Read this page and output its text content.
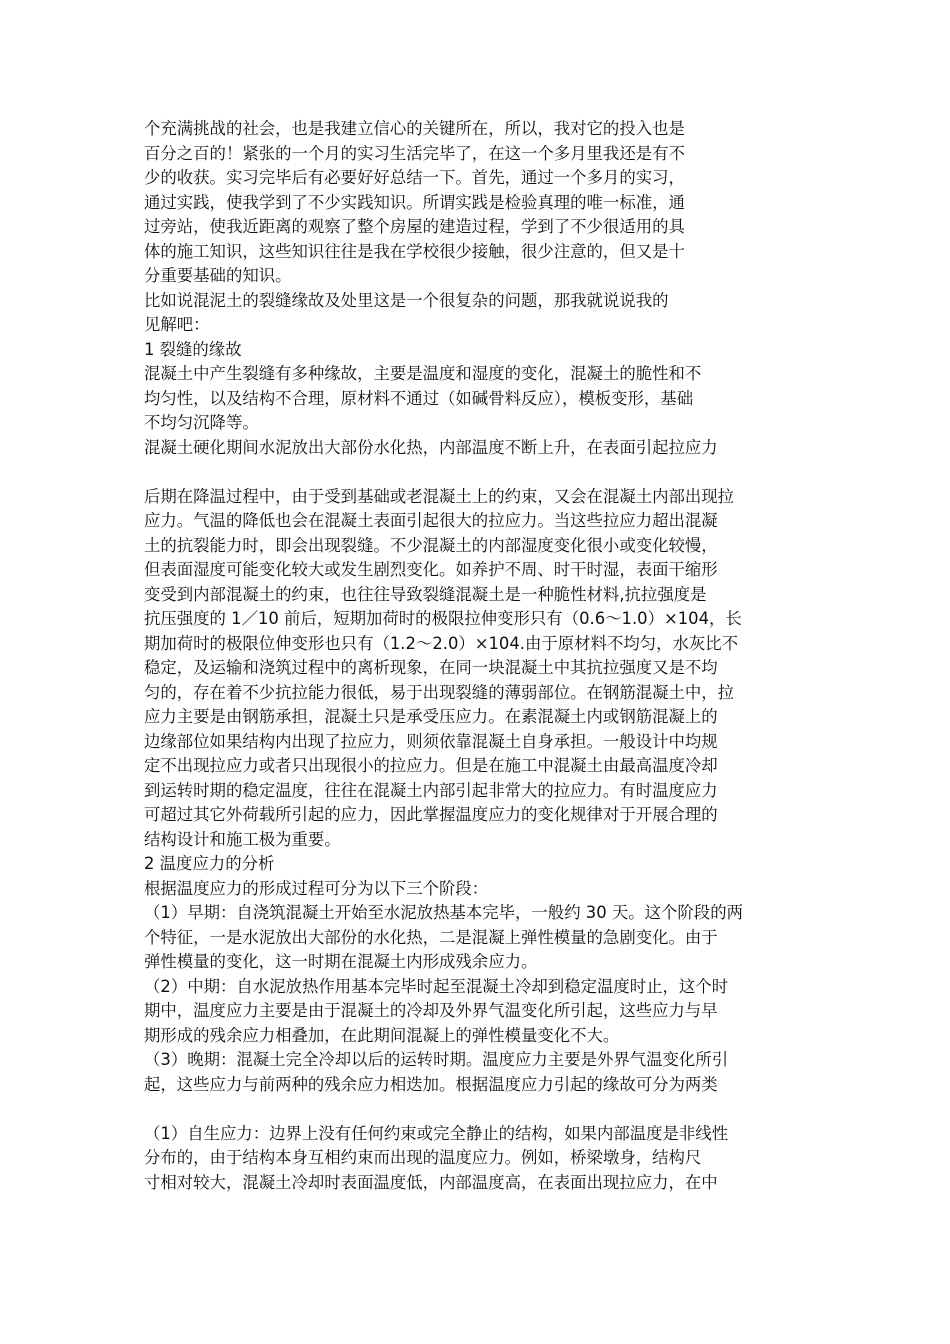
个充满挑战的社会，也是我建立信心的关键所在，所以，我对它的投入也是
百分之百的！紧张的一个月的实习生活完毕了，在这一个多月里我还是有不
少的收获。实习完毕后有必要好好总结一下。首先，通过一个多月的实习，
通过实践，使我学到了不少实践知识。所谓实践是检验真理的唯一标准，通
过旁站，使我近距离的观察了整个房屋的建造过程，学到了不少很适用的具
体的施工知识，这些知识往往是我在学校很少接触，很少注意的，但又是十
分重要基础的知识。
比如说混泥土的裂缝缘故及处里这是一个很复杂的问题，那我就说说我的
见解吧：
1 裂缝的缘故
混凝土中产生裂缝有多种缘故，主要是温度和湿度的变化，混凝土的脆性和不
均匀性，以及结构不合理，原材料不通过（如碱骨料反应），模板变形，基础
不均匀沉降等。
混凝土硬化期间水泥放出大部份水化热，内部温度不断上升，在表面引起拉应力
后期在降温过程中，由于受到基础或老混凝土上的约束，又会在混凝土内部出现拉
应力。气温的降低也会在混凝土表面引起很大的拉应力。当这些拉应力超出混凝
土的抗裂能力时，即会出现裂缝。不少混凝土的内部湿度变化很小或变化较慢，
但表面湿度可能变化较大或发生剧烈变化。如养护不周、时干时湿，表面干缩形
变受到内部混凝土的约束，也往往导致裂缝混凝土是一种脆性材料,抗拉强度是
抗压强度的 1／10 前后，短期加荷时的极限拉伸变形只有（0.6～1.0）×104，长
期加荷时的极限位伸变形也只有（1.2～2.0）×104.由于原材料不均匀，水灰比不
稳定，及运输和浇筑过程中的离析现象，在同一块混凝土中其抗拉强度又是不均
匀的，存在着不少抗拉能力很低，易于出现裂缝的薄弱部位。在钢筋混凝土中，拉
应力主要是由钢筋承担，混凝土只是承受压应力。在素混凝土内或钢筋混凝上的
边缘部位如果结构内出现了拉应力，则须依靠混凝土自身承担。一般设计中均规
定不出现拉应力或者只出现很小的拉应力。但是在施工中混凝土由最高温度冷却
到运转时期的稳定温度，往往在混凝土内部引起非常大的拉应力。有时温度应力
可超过其它外荷载所引起的应力，因此掌握温度应力的变化规律对于开展合理的
结构设计和施工极为重要。
2 温度应力的分析
根据温度应力的形成过程可分为以下三个阶段：
（1）早期：自浇筑混凝土开始至水泥放热基本完毕，一般约 30 天。这个阶段的两
个特征，一是水泥放出大部份的水化热，二是混凝上弹性模量的急剧变化。由于
弹性模量的变化，这一时期在混凝土内形成残余应力。
（2）中期：自水泥放热作用基本完毕时起至混凝土冷却到稳定温度时止，这个时
期中，温度应力主要是由于混凝土的冷却及外界气温变化所引起，这些应力与早
期形成的残余应力相叠加，在此期间混凝上的弹性模量变化不大。
（3）晚期：混凝土完全冷却以后的运转时期。温度应力主要是外界气温变化所引
起，这些应力与前两种的残余应力相迭加。根据温度应力引起的缘故可分为两类
（1）自生应力：边界上没有任何约束或完全静止的结构，如果内部温度是非线性
分布的，由于结构本身互相约束而出现的温度应力。例如，桥梁墩身，结构尺
寸相对较大，混凝土冷却时表面温度低，内部温度高，在表面出现拉应力，在中
